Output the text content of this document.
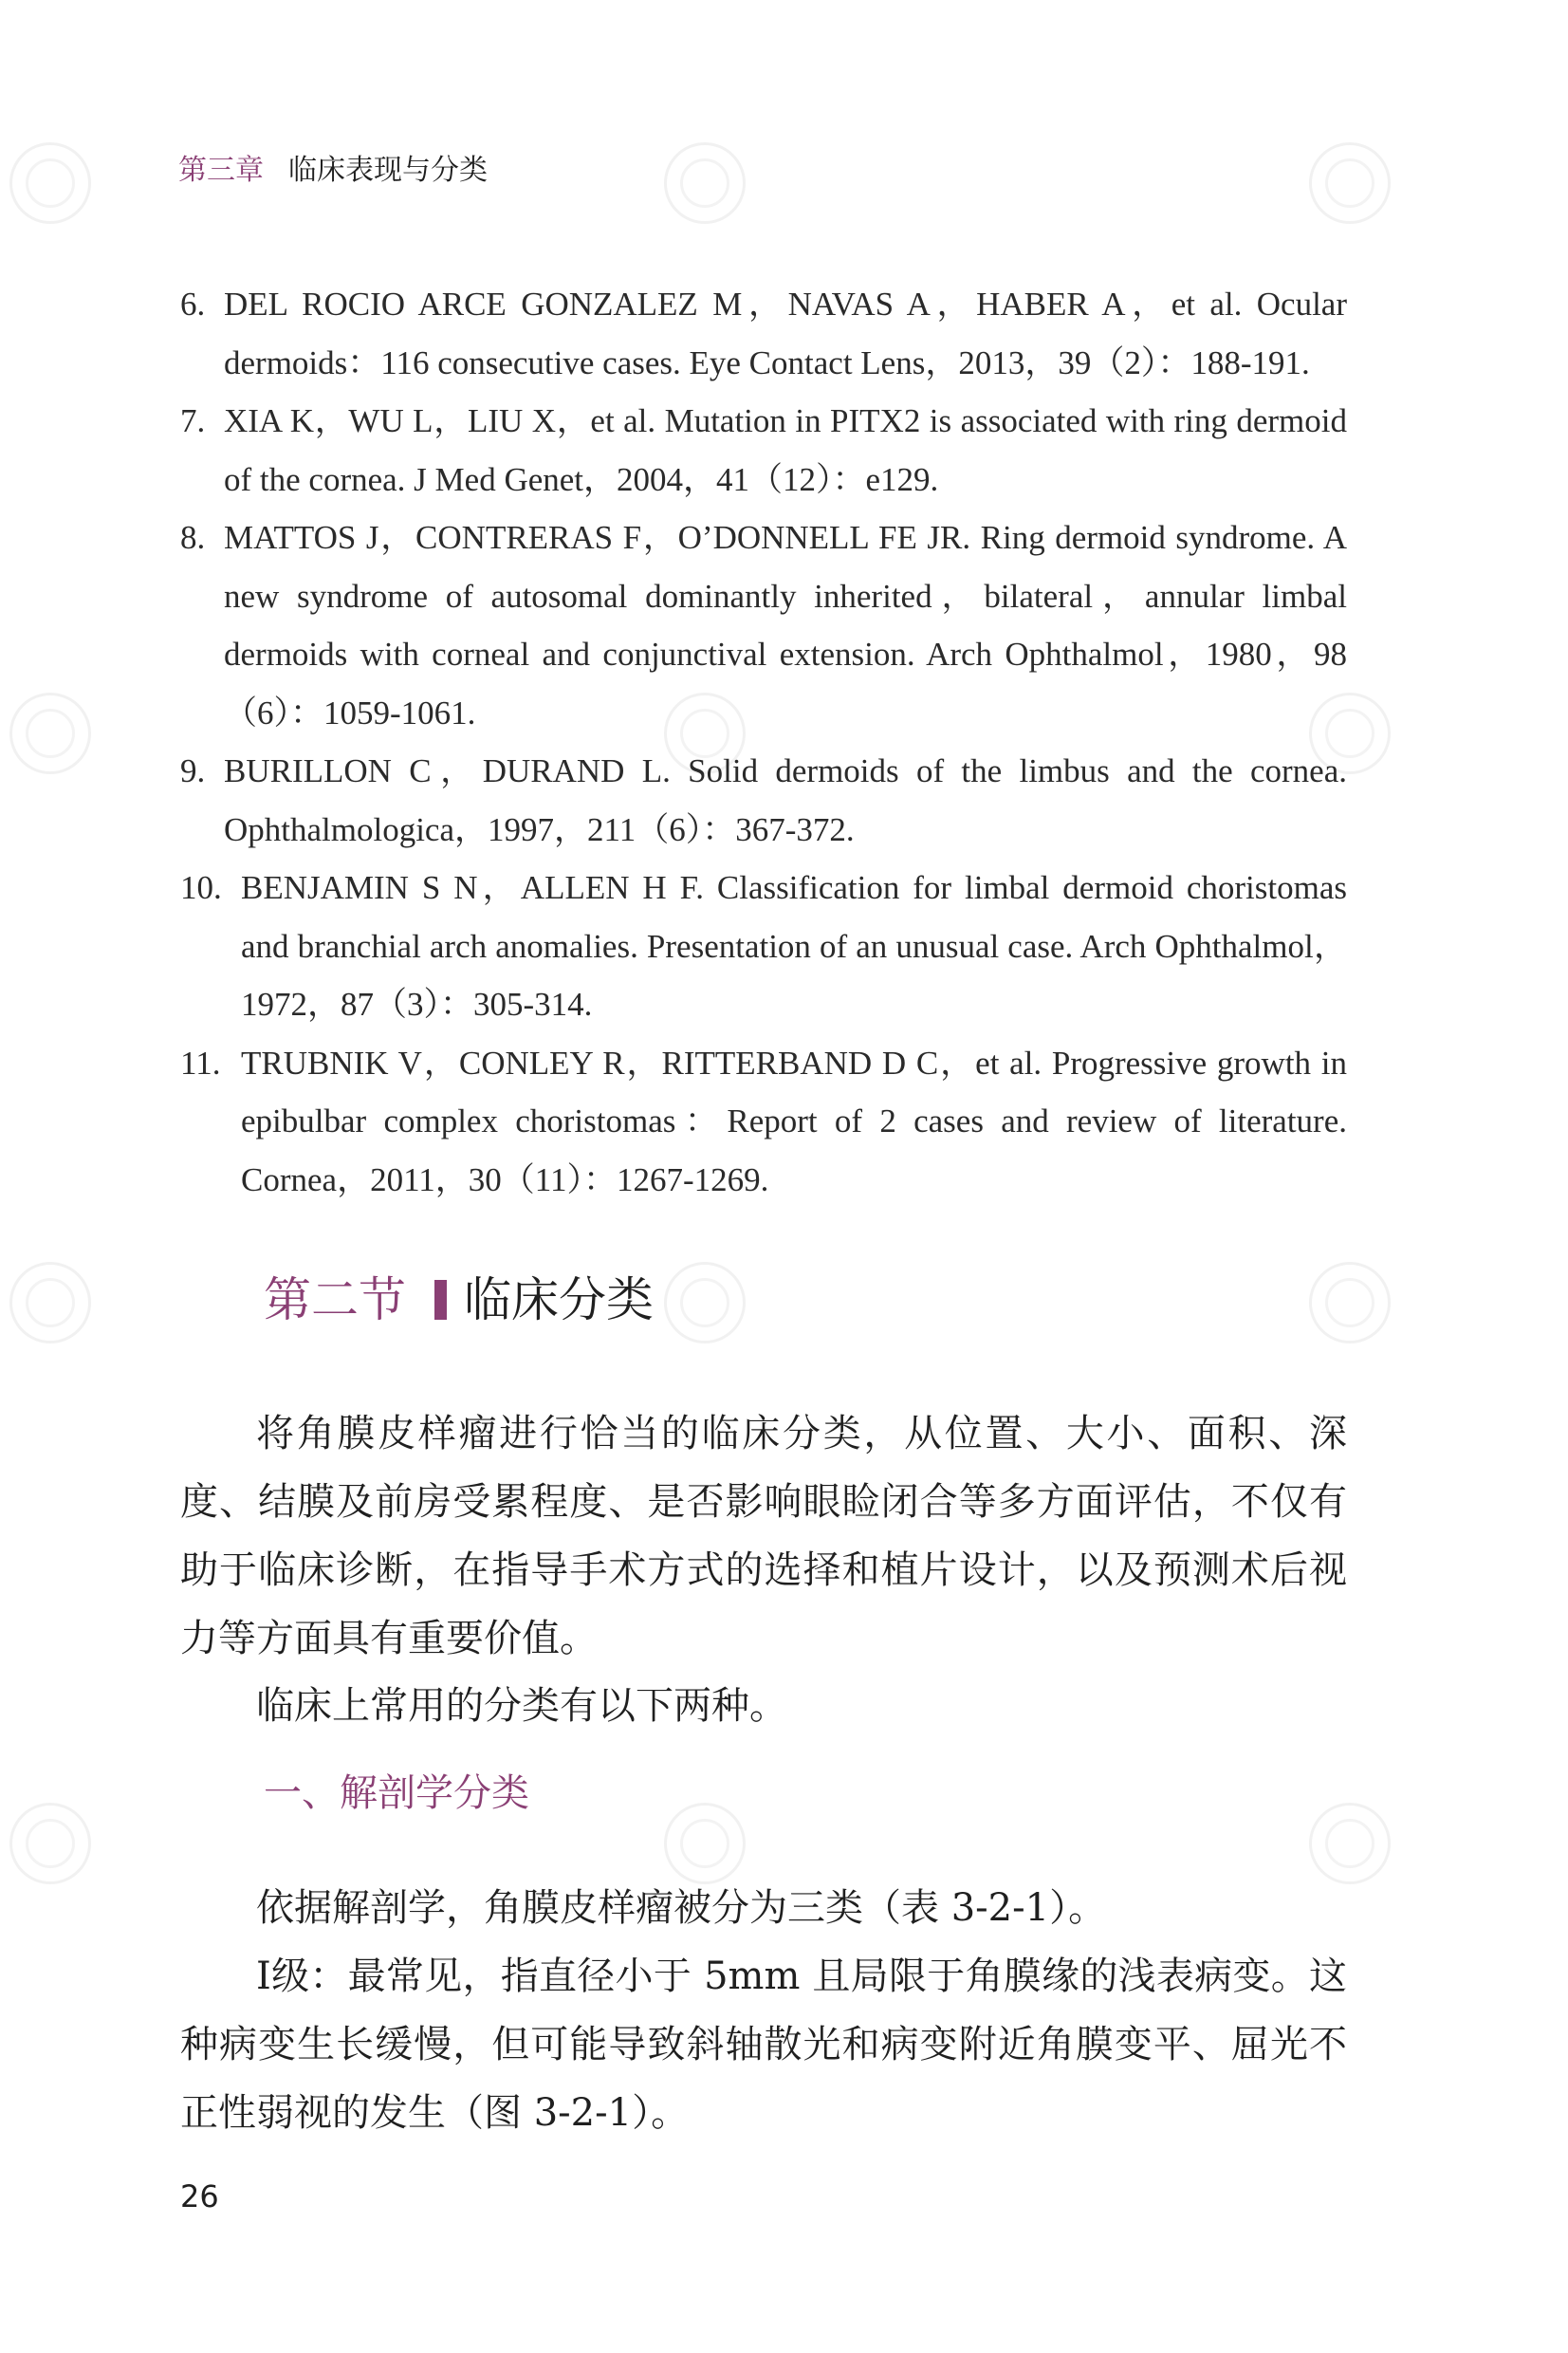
第三章 临床表现与分类
6. DEL ROCIO ARCE GONZALEZ M，NAVAS A，HABER A，et al. Ocular dermoids：116 consecutive cases. Eye Contact Lens，2013，39（2）：188-191.
7. XIA K，WU L，LIU X，et al. Mutation in PITX2 is associated with ring dermoid of the cornea. J Med Genet，2004，41（12）：e129.
8. MATTOS J，CONTRERAS F，O’DONNELL FE JR. Ring dermoid syndrome. A new syndrome of autosomal dominantly inherited，bilateral，annular limbal dermoids with corneal and conjunctival extension. Arch Ophthalmol，1980，98（6）：1059-1061.
9. BURILLON C，DURAND L. Solid dermoids of the limbus and the cornea. Ophthalmologica，1997，211（6）：367-372.
10. BENJAMIN S N，ALLEN H F. Classification for limbal dermoid choristomas and branchial arch anomalies. Presentation of an unusual case. Arch Ophthalmol，1972，87（3）：305-314.
11. TRUBNIK V，CONLEY R，RITTERBAND D C，et al. Progressive growth in epibulbar complex choristomas：Report of 2 cases and review of literature. Cornea，2011，30（11）：1267-1269.
第二节 临床分类

将角膜皮样瘤进行恰当的临床分类，从位置、大小、面积、深度、结膜及前房受累程度、是否影响眼睑闭合等多方面评估，不仅有助于临床诊断，在指导手术方式的选择和植片设计，以及预测术后视力等方面具有重要价值。

临床上常用的分类有以下两种。

一、解剖学分类

依据解剖学，角膜皮样瘤被分为三类（表 3-2-1）。

Ⅰ级：最常见，指直径小于 5mm 且局限于角膜缘的浅表病变。这种病变生长缓慢，但可能导致斜轴散光和病变附近角膜变平、屈光不正性弱视的发生（图 3-2-1）。

26
